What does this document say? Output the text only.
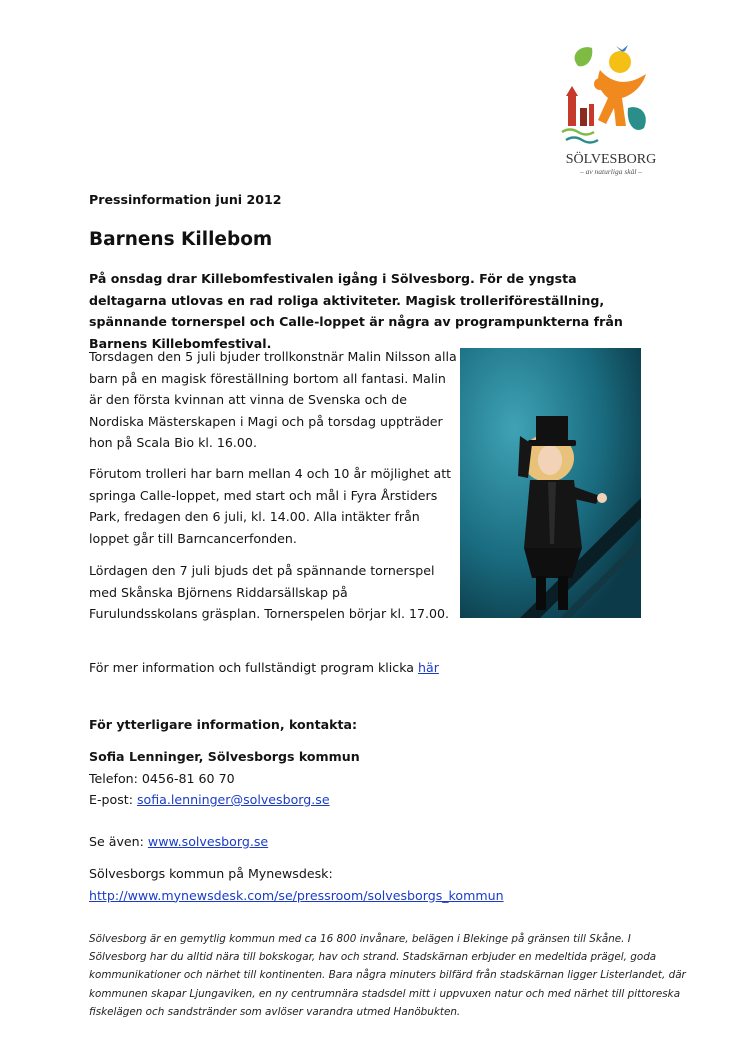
SÖLVESBORG
– av naturliga skäl –
Pressinformation juni 2012
Barnens Killebom
På onsdag drar Killebomfestivalen igång i Sölvesborg. För de yngsta deltagarna utlovas en rad roliga aktiviteter. Magisk trolleriföreställning, spännande tornerspel och Calle-loppet är några av programpunkterna från Barnens Killebomfestival.
Torsdagen den 5 juli bjuder trollkonstnär Malin Nilsson alla barn på en magisk föreställning bortom all fantasi. Malin är den första kvinnan att vinna de Svenska och de Nordiska Mästerskapen i Magi och på torsdag uppträder hon på Scala Bio kl. 16.00.
Förutom trolleri har barn mellan 4 och 10 år möjlighet att springa Calle-loppet, med start och mål i Fyra Årstiders Park, fredagen den 6 juli, kl. 14.00. Alla intäkter från loppet går till Barncancerfonden.
Lördagen den 7 juli bjuds det på spännande tornerspel med Skånska Björnens Riddarsällskap på Furulundsskolans gräsplan. Tornerspelen börjar kl. 17.00.
För mer information och fullständigt program klicka här
För ytterligare information, kontakta:
Sofia Lenninger, Sölvesborgs kommun
Telefon: 0456-81 60 70
E-post: sofia.lenninger@solvesborg.se
Se även: www.solvesborg.se
Sölvesborgs kommun på Mynewsdesk:
http://www.mynewsdesk.com/se/pressroom/solvesborgs_kommun
Sölvesborg är en gemytlig kommun med ca 16 800 invånare, belägen i Blekinge på gränsen till Skåne. I Sölvesborg har du alltid nära till bokskogar, hav och strand. Stadskärnan erbjuder en medeltida prägel, goda kommunikationer och närhet till kontinenten. Bara några minuters bilfärd från stadskärnan ligger Listerlandet, där kommunen skapar Ljungaviken, en ny centrumnära stadsdel mitt i uppvuxen natur och med närhet till pittoreska fiskelägen och sandstränder som avlöser varandra utmed Hanöbukten.
